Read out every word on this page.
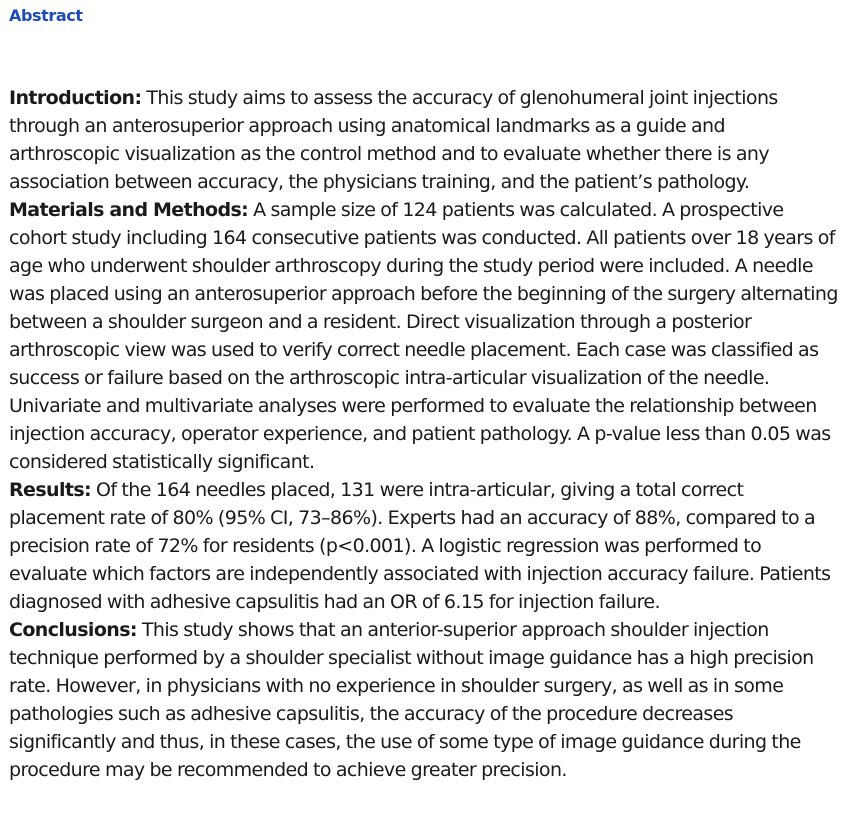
Abstract

Introduction: This study aims to assess the accuracy of glenohumeral joint injections through an anterosuperior approach using anatomical landmarks as a guide and arthroscopic visualization as the control method and to evaluate whether there is any association between accuracy, the physicians training, and the patient’s pathology.

Materials and Methods: A sample size of 124 patients was calculated. A prospective cohort study including 164 consecutive patients was conducted. All patients over 18 years of age who underwent shoulder arthroscopy during the study period were included. A needle was placed using an anterosuperior approach before the beginning of the surgery alternating between a shoulder surgeon and a resident. Direct visualization through a posterior arthroscopic view was used to verify correct needle placement. Each case was classified as success or failure based on the arthroscopic intra-articular visualization of the needle. Univariate and multivariate analyses were performed to evaluate the relationship between injection accuracy, operator experience, and patient pathology. A p-value less than 0.05 was considered statistically significant.

Results: Of the 164 needles placed, 131 were intra-articular, giving a total correct placement rate of 80% (95% CI, 73–86%). Experts had an accuracy of 88%, compared to a precision rate of 72% for residents (p<0.001). A logistic regression was performed to evaluate which factors are independently associated with injection accuracy failure. Patients diagnosed with adhesive capsulitis had an OR of 6.15 for injection failure.

Conclusions: This study shows that an anterior-superior approach shoulder injection technique performed by a shoulder specialist without image guidance has a high precision rate. However, in physicians with no experience in shoulder surgery, as well as in some pathologies such as adhesive capsulitis, the accuracy of the procedure decreases significantly and thus, in these cases, the use of some type of image guidance during the procedure may be recommended to achieve greater precision.
